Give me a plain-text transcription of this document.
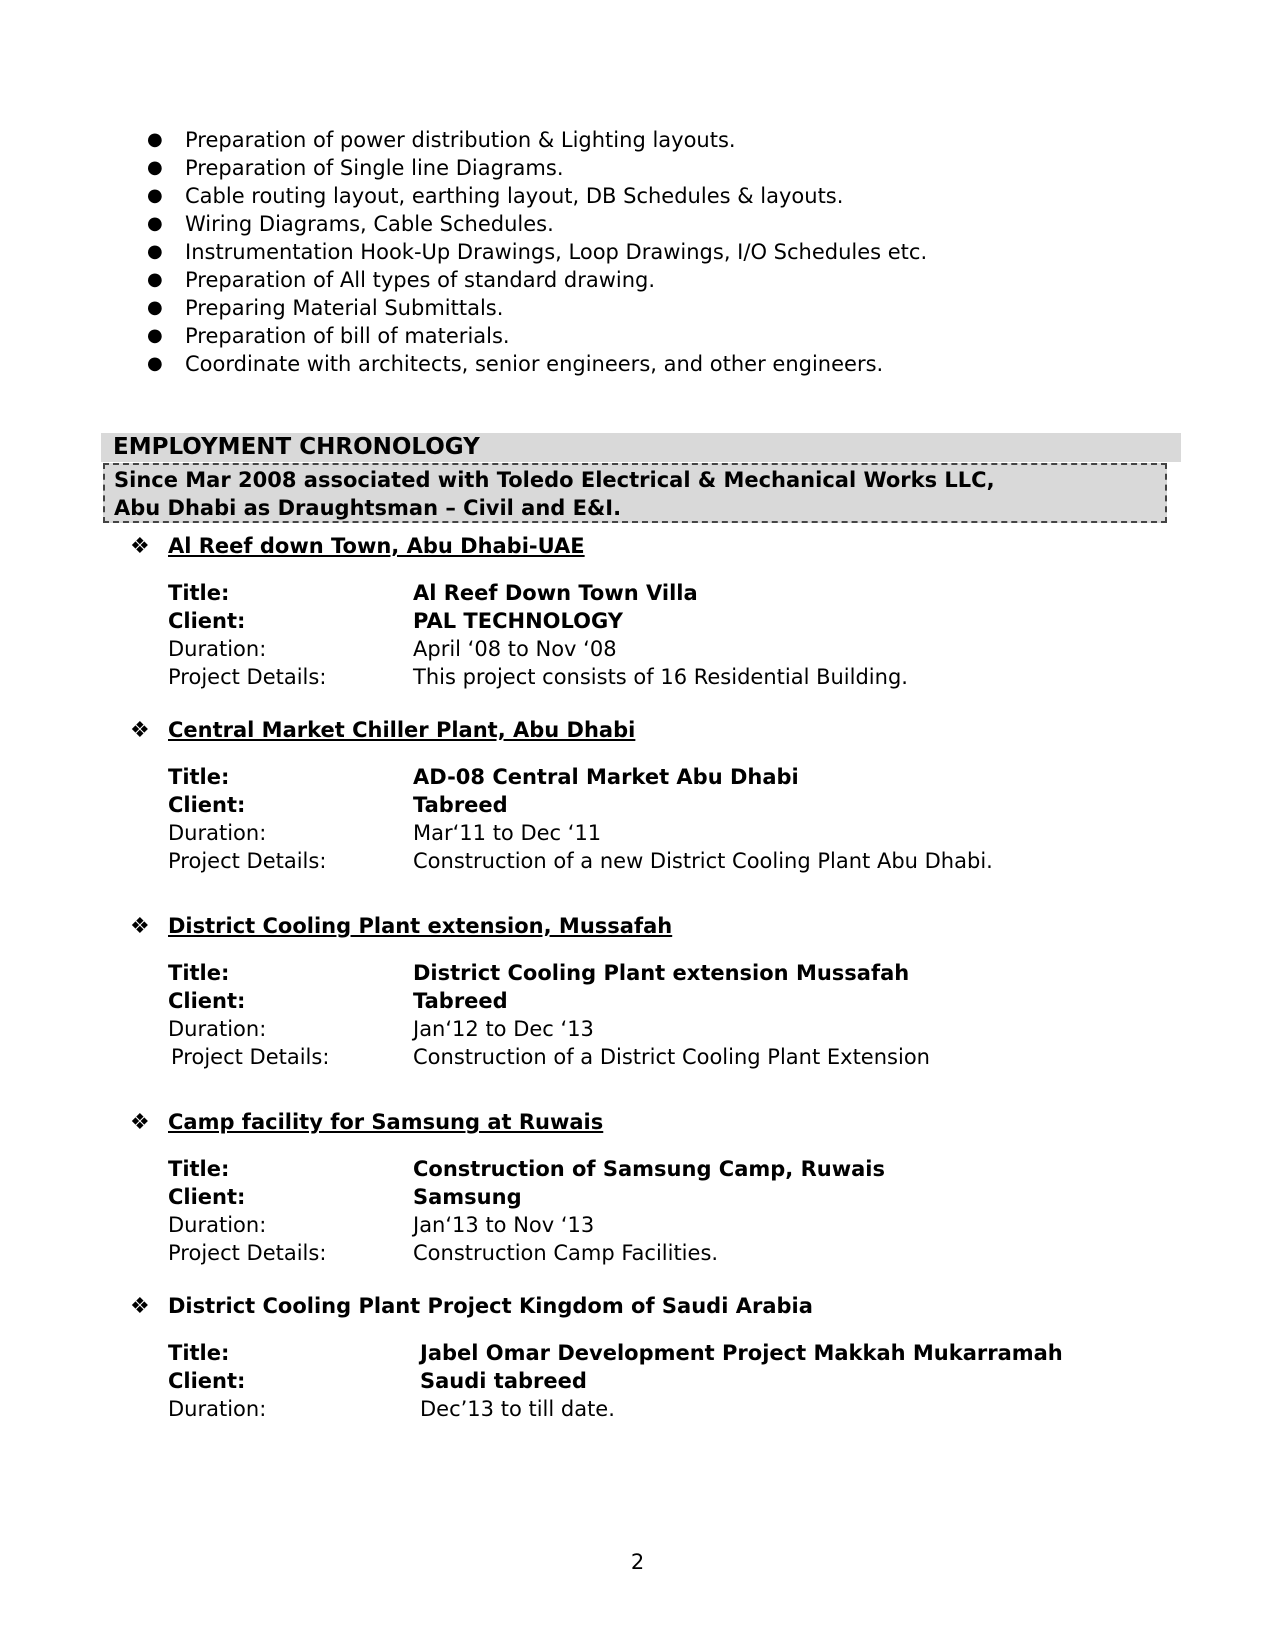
● Preparation of power distribution & Lighting layouts.
● Preparation of Single line Diagrams.
● Cable routing layout, earthing layout, DB Schedules & layouts.
● Wiring Diagrams, Cable Schedules.
● Instrumentation Hook-Up Drawings, Loop Drawings, I/O Schedules etc.
● Preparation of All types of standard drawing.
● Preparing Material Submittals.
● Preparation of bill of materials.
● Coordinate with architects, senior engineers, and other engineers.
EMPLOYMENT CHRONOLOGY
Since Mar 2008 associated with Toledo Electrical & Mechanical Works LLC,
Abu Dhabi as Draughtsman – Civil and E&I.
❖ Al Reef down Town, Abu Dhabi-UAE
Title:	Al Reef Down Town Villa
Client:	PAL TECHNOLOGY
Duration:	April ‘08 to Nov ‘08
Project Details:	This project consists of 16 Residential Building.
❖ Central Market Chiller Plant, Abu Dhabi
Title:	AD-08 Central Market Abu Dhabi
Client:	Tabreed
Duration:	Mar‘11 to Dec ‘11
Project Details:	Construction of a new District Cooling Plant Abu Dhabi.
❖ District Cooling Plant extension, Mussafah
Title:	District Cooling Plant extension Mussafah
Client:	Tabreed
Duration:	Jan‘12 to Dec ‘13
Project Details:	Construction of a District Cooling Plant Extension
❖ Camp facility for Samsung at Ruwais
Title:	Construction of Samsung Camp, Ruwais
Client:	Samsung
Duration:	Jan‘13 to Nov ‘13
Project Details:	Construction Camp Facilities.
❖ District Cooling Plant Project Kingdom of Saudi Arabia
Title:	Jabel Omar Development Project Makkah Mukarramah
Client:	Saudi tabreed
Duration:	Dec’13 to till date.
2
